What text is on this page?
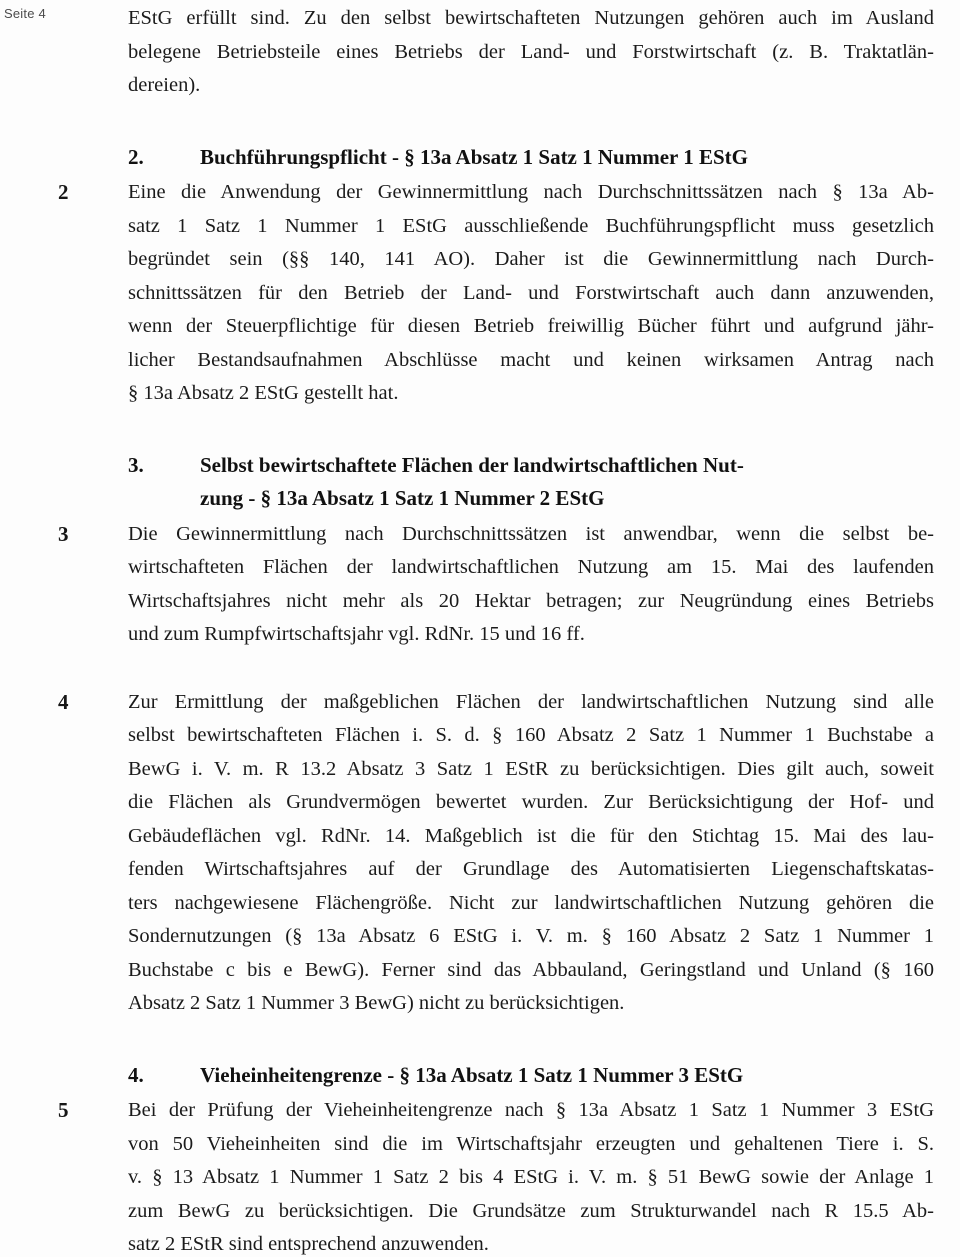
Seite 4	EStG erfüllt sind. Zu den selbst bewirtschafteten Nutzungen gehören auch im Ausland
belegene Betriebsteile eines Betriebs der Land- und Forstwirtschaft (z. B. Traktatlän-
dereien).
2.	Buchführungspflicht - § 13a Absatz 1 Satz 1 Nummer 1 EStG
2	Eine die Anwendung der Gewinnermittlung nach Durchschnittssätzen nach § 13a Ab-
satz 1 Satz 1 Nummer 1 EStG ausschließende Buchführungspflicht muss gesetzlich
begründet sein (§§ 140, 141 AO). Daher ist die Gewinnermittlung nach Durch-
schnittssätzen für den Betrieb der Land- und Forstwirtschaft auch dann anzuwenden,
wenn der Steuerpflichtige für diesen Betrieb freiwillig Bücher führt und aufgrund jähr-
licher Bestandsaufnahmen Abschlüsse macht und keinen wirksamen Antrag nach
§ 13a Absatz 2 EStG gestellt hat.
3.	Selbst bewirtschaftete Flächen der landwirtschaftlichen Nut-
zung - § 13a Absatz 1 Satz 1 Nummer 2 EStG
3	Die Gewinnermittlung nach Durchschnittssätzen ist anwendbar, wenn die selbst be-
wirtschafteten Flächen der landwirtschaftlichen Nutzung am 15. Mai des laufenden
Wirtschaftsjahres nicht mehr als 20 Hektar betragen; zur Neugründung eines Betriebs
und zum Rumpfwirtschaftsjahr vgl. RdNr. 15 und 16 ff.
4	Zur Ermittlung der maßgeblichen Flächen der landwirtschaftlichen Nutzung sind alle
selbst bewirtschafteten Flächen i. S. d. § 160 Absatz 2 Satz 1 Nummer 1 Buchstabe a
BewG i. V. m. R 13.2 Absatz 3 Satz 1 EStR zu berücksichtigen. Dies gilt auch, soweit
die Flächen als Grundvermögen bewertet wurden. Zur Berücksichtigung der Hof- und
Gebäudeflächen vgl. RdNr. 14. Maßgeblich ist die für den Stichtag 15. Mai des lau-
fenden Wirtschaftsjahres auf der Grundlage des Automatisierten Liegenschaftskatas-
ters nachgewiesene Flächengröße. Nicht zur landwirtschaftlichen Nutzung gehören die
Sondernutzungen (§ 13a Absatz 6 EStG i. V. m. § 160 Absatz 2 Satz 1 Nummer 1
Buchstabe c bis e BewG). Ferner sind das Abbauland, Geringstland und Unland (§ 160
Absatz 2 Satz 1 Nummer 3 BewG) nicht zu berücksichtigen.
4.	Vieheinheitengrenze - § 13a Absatz 1 Satz 1 Nummer 3 EStG
5	Bei der Prüfung der Vieheinheitengrenze nach § 13a Absatz 1 Satz 1 Nummer 3 EStG
von 50 Vieheinheiten sind die im Wirtschaftsjahr erzeugten und gehaltenen Tiere i. S.
v. § 13 Absatz 1 Nummer 1 Satz 2 bis 4 EStG i. V. m. § 51 BewG sowie der Anlage 1
zum BewG zu berücksichtigen. Die Grundsätze zum Strukturwandel nach R 15.5 Ab-
satz 2 EStR sind entsprechend anzuwenden.
